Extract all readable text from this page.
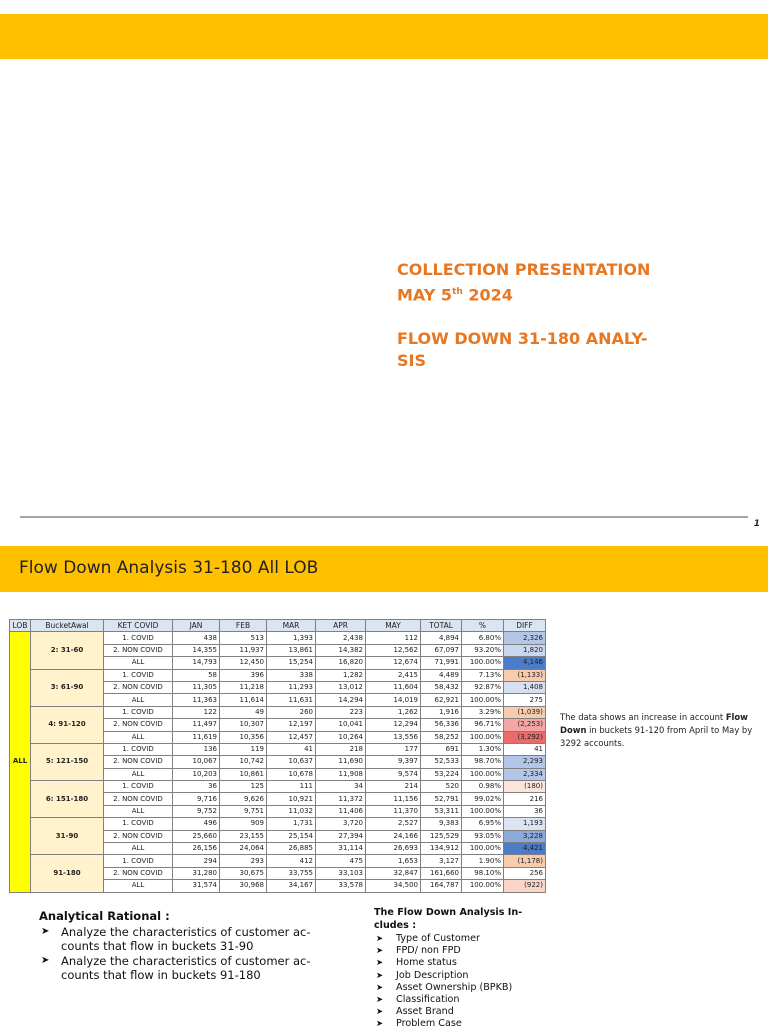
COLLECTION PRESENTATION
MAY 5th 2024
FLOW DOWN 31-180 ANALY-
SIS
1
Flow Down Analysis 31-180 All LOB
LOB	BucketAwal	KET COVID	JAN	FEB	MAR	APR	MAY	TOTAL	%	DIFF
ALL	2: 31-60	1. COVID	438	513	1,393	2,438	112	4,894	6.80%	2,326
		2. NON COVID	14,355	11,937	13,861	14,382	12,562	67,097	93.20%	1,820
		ALL	14,793	12,450	15,254	16,820	12,674	71,991	100.00%	4,146
	3: 61-90	1. COVID	58	396	338	1,282	2,415	4,489	7.13%	(1,133)
		2. NON COVID	11,305	11,218	11,293	13,012	11,604	58,432	92.87%	1,408
		ALL	11,363	11,614	11,631	14,294	14,019	62,921	100.00%	275
	4: 91-120	1. COVID	122	49	260	223	1,262	1,916	3.29%	(1,039)
		2. NON COVID	11,497	10,307	12,197	10,041	12,294	56,336	96.71%	(2,253)
		ALL	11,619	10,356	12,457	10,264	13,556	58,252	100.00%	(3,292)
	5: 121-150	1. COVID	136	119	41	218	177	691	1.30%	41
		2. NON COVID	10,067	10,742	10,637	11,690	9,397	52,533	98.70%	2,293
		ALL	10,203	10,861	10,678	11,908	9,574	53,224	100.00%	2,334
	6: 151-180	1. COVID	36	125	111	34	214	520	0.98%	(180)
		2. NON COVID	9,716	9,626	10,921	11,372	11,156	52,791	99.02%	216
		ALL	9,752	9,751	11,032	11,406	11,370	53,311	100.00%	36
	31-90	1. COVID	496	909	1,731	3,720	2,527	9,383	6.95%	1,193
		2. NON COVID	25,660	23,155	25,154	27,394	24,166	125,529	93.05%	3,228
		ALL	26,156	24,064	26,885	31,114	26,693	134,912	100.00%	4,421
	91-180	1. COVID	294	293	412	475	1,653	3,127	1.90%	(1,178)
		2. NON COVID	31,280	30,675	33,755	33,103	32,847	161,660	98.10%	256
		ALL	31,574	30,968	34,167	33,578	34,500	164,787	100.00%	(922)
The data shows an increase in account Flow Down in buckets 91-120 from April to May by 3292 accounts.
Analytical Rational :
➤ Analyze the characteristics of customer ac-counts that flow in buckets 31-90
➤ Analyze the characteristics of customer ac-counts that flow in buckets 91-180
The Flow Down Analysis In-cludes :
➤ Type of Customer
➤ FPD/ non FPD
➤ Home status
➤ Job Description
➤ Asset Ownership (BPKB)
➤ Classification
➤ Asset Brand
➤ Problem Case
